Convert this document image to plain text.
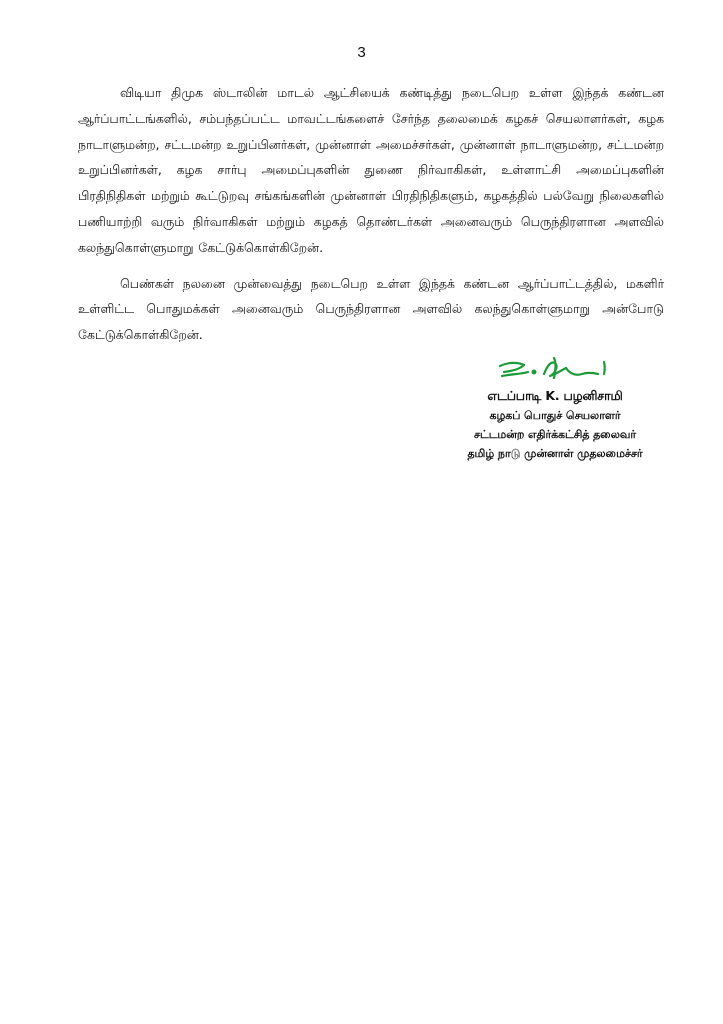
3

விடியா திமுக ஸ்டாலின் மாடல் ஆட்சியைக் கண்டித்து நடைபெற உள்ள இந்தக் கண்டன ஆர்ப்பாட்டங்களில், சம்பந்தப்பட்ட மாவட்டங்களைச் சேர்ந்த தலைமைக் கழகச் செயலாளர்கள், கழக நாடாளுமன்ற, சட்டமன்ற உறுப்பினர்கள், முன்னாள் அமைச்சர்கள், முன்னாள் நாடாளுமன்ற, சட்டமன்ற உறுப்பினர்கள், கழக சார்பு அமைப்புகளின் துணை நிர்வாகிகள், உள்ளாட்சி அமைப்புகளின் பிரதிநிதிகள் மற்றும் கூட்டுறவு சங்கங்களின் முன்னாள் பிரதிநிதிகளும், கழகத்தில் பல்வேறு நிலைகளில் பணியாற்றி வரும் நிர்வாகிகள் மற்றும் கழகத் தொண்டர்கள் அனைவரும் பெருந்திரளான அளவில் கலந்துகொள்ளுமாறு கேட்டுக்கொள்கிறேன்.

பெண்கள் நலனை முன்வைத்து நடைபெற உள்ள இந்தக் கண்டன ஆர்ப்பாட்டத்தில், மகளிர் உள்ளிட்ட பொதுமக்கள் அனைவரும் பெருந்திரளான அளவில் கலந்துகொள்ளுமாறு அன்போடு கேட்டுக்கொள்கிறேன்.

எடப்பாடி K. பழனிசாமி
கழகப் பொதுச் செயலாளர்
சட்டமன்ற எதிர்க்கட்சித் தலைவர்
தமிழ் நாடு முன்னாள் முதலமைச்சர்
